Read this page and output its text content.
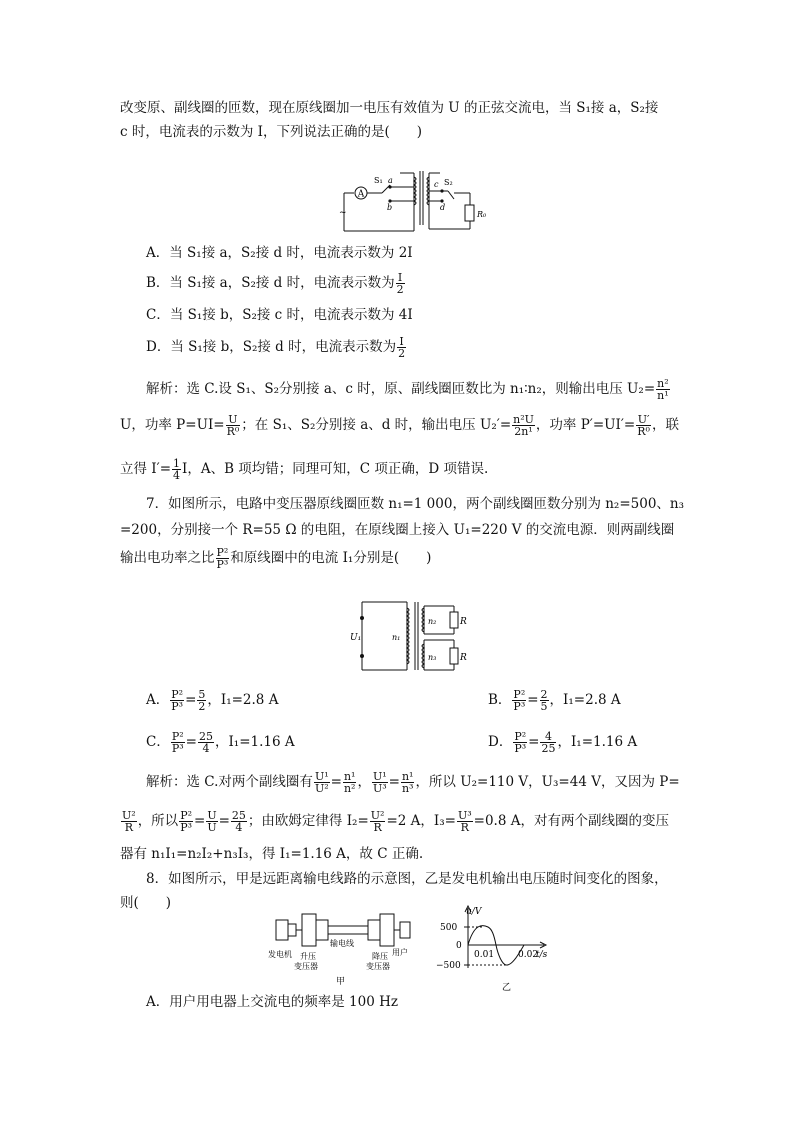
改变原、副线圈的匝数，现在原线圈加一电压有效值为 U 的正弦交流电，当 S₁接 a，S₂接
c 时，电流表的示数为 I，下列说法正确的是(　　)
A
~
S₁ a
b
c S₂
d
R₀
A．当 S₁接 a，S₂接 d 时，电流表示数为 2I
B．当 S₁接 a，S₂接 d 时，电流表示数为 $\frac{I}{2}$
C．当 S₁接 b，S₂接 c 时，电流表示数为 4I
D．当 S₁接 b，S₂接 d 时，电流表示数为 $\frac{I}{2}$
解析：选 C.设 S₁、S₂分别接 a、c 时，原、副线圈匝数比为 n₁∶n₂，则输出电压 $U_2= \frac{\text{n²}}{\text{n¹}}$
U，功率 $P=UI= \frac{U}{\text{R⁰}}$ ；在 S₁、S₂分别接 a、d 时，输出电压 $U_2'= \frac{\text{n²U}}{\text{2n¹}}$ ，功率 $P'=UI'= \frac{U'}{\text{R⁰}}$ ，联
立得 $I'= \frac{1}{4}$ I，A、B 项均错；同理可知，C 项正确，D 项错误.
7．如图所示，电路中变压器原线圈匝数 n₁=1 000，两个副线圈匝数分别为 n₂=500、n₃
=200，分别接一个 R=55 Ω 的电阻，在原线圈上接入 U₁=220 V 的交流电源．则两副线圈
输出电功率之比 $\frac{\text{P²}}{\text{P³}}$ 和原线圈中的电流 I₁分别是(　　)
U₁	n₁
n₂
n₃
R
R
A． $\frac{\text{P²}}{\text{P³}} = \frac{5}{2}$ ，I₁=2.8 A	B． $\frac{\text{P²}}{\text{P³}} = \frac{2}{5}$ ，I₁=2.8 A
C． $\frac{\text{P²}}{\text{P³}} = \frac{25}{4}$ ，I₁=1.16 A	D． $\frac{\text{P²}}{\text{P³}} = \frac{4}{25}$ ，I₁=1.16 A
解析：选 C.对两个副线圈有 $\frac{\text{U¹}}{\text{U²}} = \frac{\text{n¹}}{\text{n²}}$ ， $\frac{\text{U¹}}{\text{U³}} = \frac{\text{n¹}}{\text{n³}}$ ，所以 U₂=110 V，U₃=44 V，又因为 P=
$\frac{\text{U²}}{R}$ ，所以 $\frac{\text{P²}}{\text{P³}} = \frac{U}{U} = \frac{25}{4}$ ；由欧姆定律得 $I_2= \frac{\text{U²}}{R} =2$ A，$I_3= \frac{\text{U³}}{R} =0.8$ A，对有两个副线圈的变压
器有 n₁I₁=n₂I₂+n₃I₃，得 I₁=1.16 A，故 C 正确.
8．如图所示，甲是远距离输电线路的示意图，乙是发电机输出电压随时间变化的图象，
则(　　)
发电机 升压
变压器
输电线
降压
变压器
用户
甲
u/V
500
0
−500
0.01	0.02
t/s
乙
A．用户用电器上交流电的频率是 100 Hz
